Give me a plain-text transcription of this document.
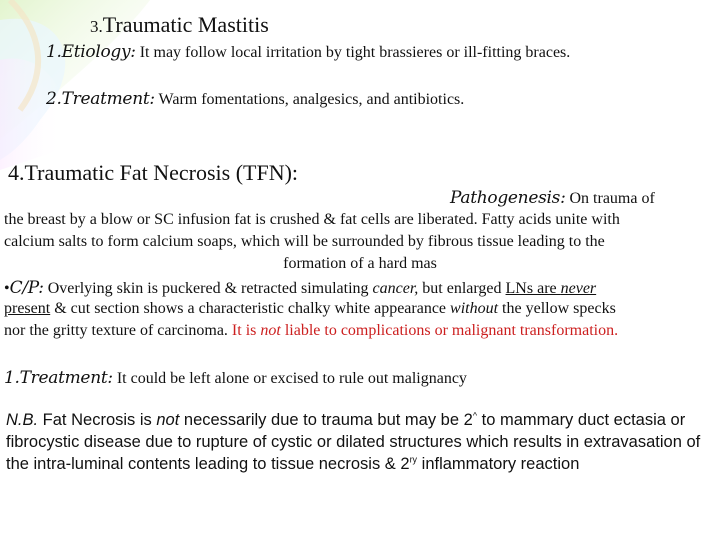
3.Traumatic Mastitis
1.Etiology: It may follow local irritation by tight brassieres or ill-fitting braces.
2.Treatment: Warm fomentations, analgesics, and antibiotics.
4.Traumatic Fat Necrosis (TFN):
Pathogenesis: On trauma of
the breast by a blow or SC infusion fat is crushed & fat cells are liberated. Fatty acids unite with
calcium salts to form calcium soaps, which will be surrounded by fibrous tissue leading to the
formation of a hard mas
•C/P: Overlying skin is puckered & retracted simulating cancer, but enlarged LNs are never
present & cut section shows a characteristic chalky white appearance without the yellow specks
nor the gritty texture of carcinoma. It is not liable to complications or malignant transformation.
1.Treatment: It could be left alone or excised to rule out malignancy
N.B. Fat Necrosis is not necessarily due to trauma but may be 2^ to mammary duct ectasia or fibrocystic disease due to rupture of cystic or dilated structures which results in extravasation of the intra-luminal contents leading to tissue necrosis & $2^{ry}$ inflammatory reaction
